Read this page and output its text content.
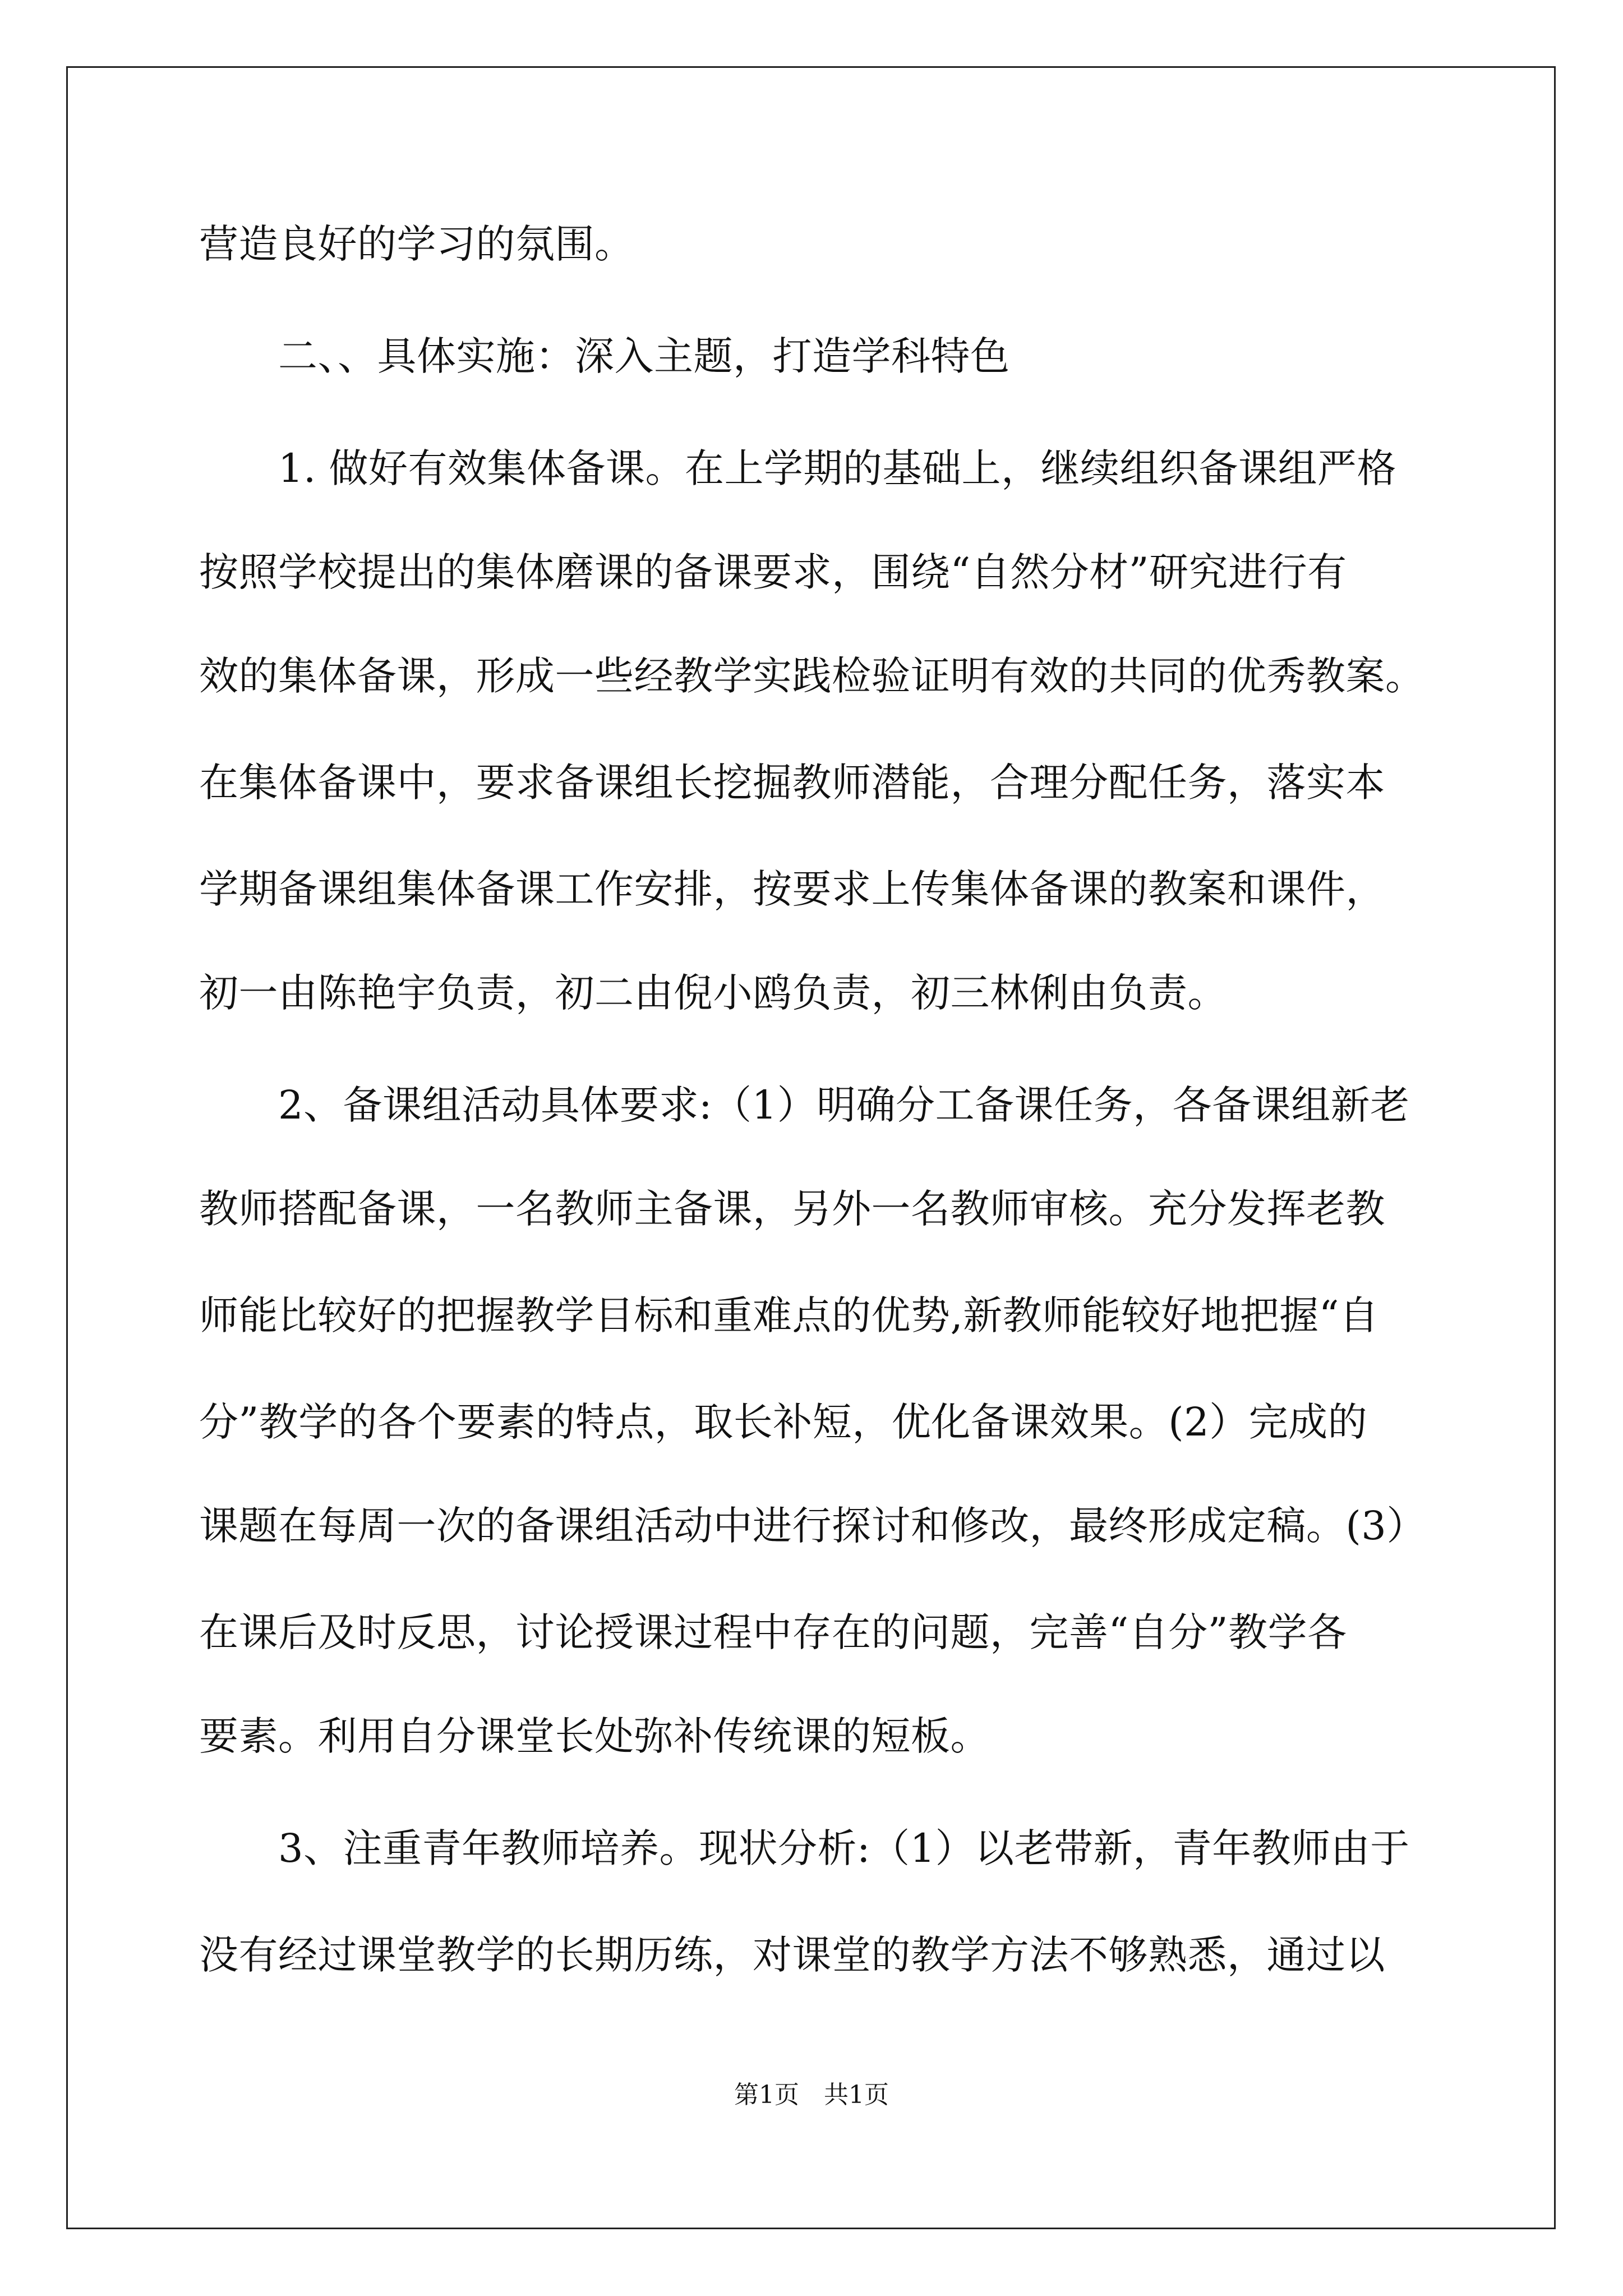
营造良好的学习的氛围。
　　二、、具体实施：深入主题，打造学科特色
　　1. 做好有效集体备课。在上学期的基础上，继续组织备课组严格
按照学校提出的集体磨课的备课要求，围绕“自然分材”研究进行有
效的集体备课，形成一些经教学实践检验证明有效的共同的优秀教案。
在集体备课中，要求备课组长挖掘教师潜能，合理分配任务，落实本
学期备课组集体备课工作安排，按要求上传集体备课的教案和课件，
初一由陈艳宇负责，初二由倪小鸥负责，初三林俐由负责。
　　2、备课组活动具体要求:（1）明确分工备课任务，各备课组新老
教师搭配备课，一名教师主备课，另外一名教师审核。充分发挥老教
师能比较好的把握教学目标和重难点的优势,新教师能较好地把握“自
分”教学的各个要素的特点，取长补短，优化备课效果。(2）完成的
课题在每周一次的备课组活动中进行探讨和修改，最终形成定稿。(3）
在课后及时反思，讨论授课过程中存在的问题，完善“自分”教学各
要素。利用自分课堂长处弥补传统课的短板。
　　3、注重青年教师培养。现状分析:（1）以老带新，青年教师由于
没有经过课堂教学的长期历练，对课堂的教学方法不够熟悉，通过以
第1页　共1页
